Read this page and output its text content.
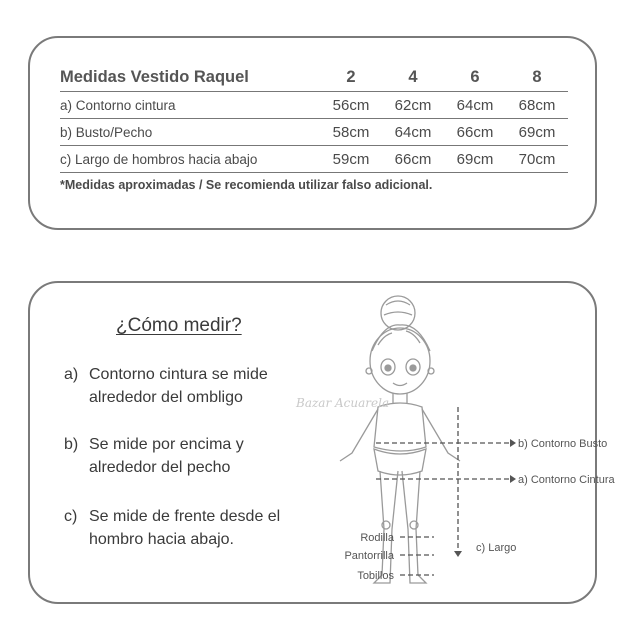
Medidas Vestido Raquel	2	4	6	8
a) Contorno cintura	56cm	62cm	64cm	68cm
b) Busto/Pecho	58cm	64cm	66cm	69cm
c) Largo de hombros hacia abajo	59cm	66cm	69cm	70cm
*Medidas aproximadas / Se recomienda utilizar falso adicional.
¿Cómo medir?
a) Contorno cintura se mide alrededor del ombligo
b) Se mide por encima y alrededor del pecho
c) Se mide de frente desde el hombro hacia abajo.
Bazar Acuarela
b) Contorno Busto
a) Contorno Cintura
c) Largo
Rodilla
Pantorrilla
Tobillos
